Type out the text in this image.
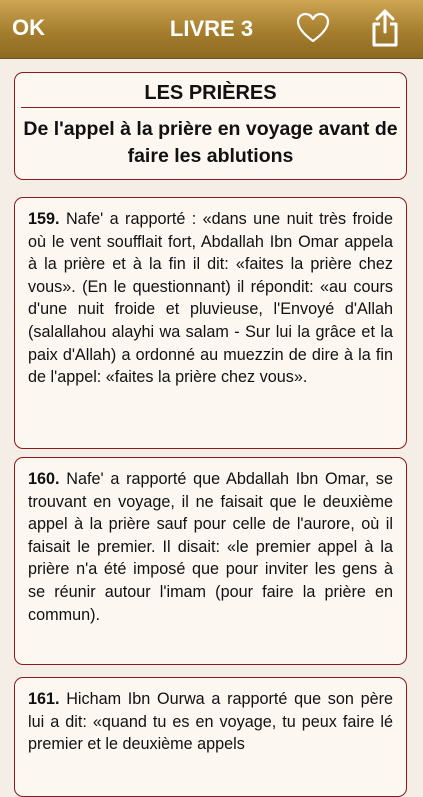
OK	LIVRE 3
LES PRIÈRES
De l'appel à la prière en voyage avant de faire les ablutions
159. Nafe' a rapporté : «dans une nuit très froide où le vent soufflait fort, Abdallah Ibn Omar appela à la prière et à la fin il dit: «faites la prière chez vous». (En le questionnant) il répondit: «au cours d'une nuit froide et pluvieuse, l'Envoyé d'Allah (salallahou alayhi wa salam - Sur lui la grâce et la paix d'Allah) a ordonné au muezzin de dire à la fin de l'appel: «faites la prière chez vous».
160. Nafe' a rapporté que Abdallah Ibn Omar, se trouvant en voyage, il ne faisait que le deuxième appel à la prière sauf pour celle de l'aurore, où il faisait le premier. Il disait: «le premier appel à la prière n'a été imposé que pour inviter les gens à se réunir autour l'imam (pour faire la prière en commun).
161. Hicham Ibn Ourwa a rapporté que son père lui a dit: «quand tu es en voyage, tu peux faire lé premier et le deuxième appels
